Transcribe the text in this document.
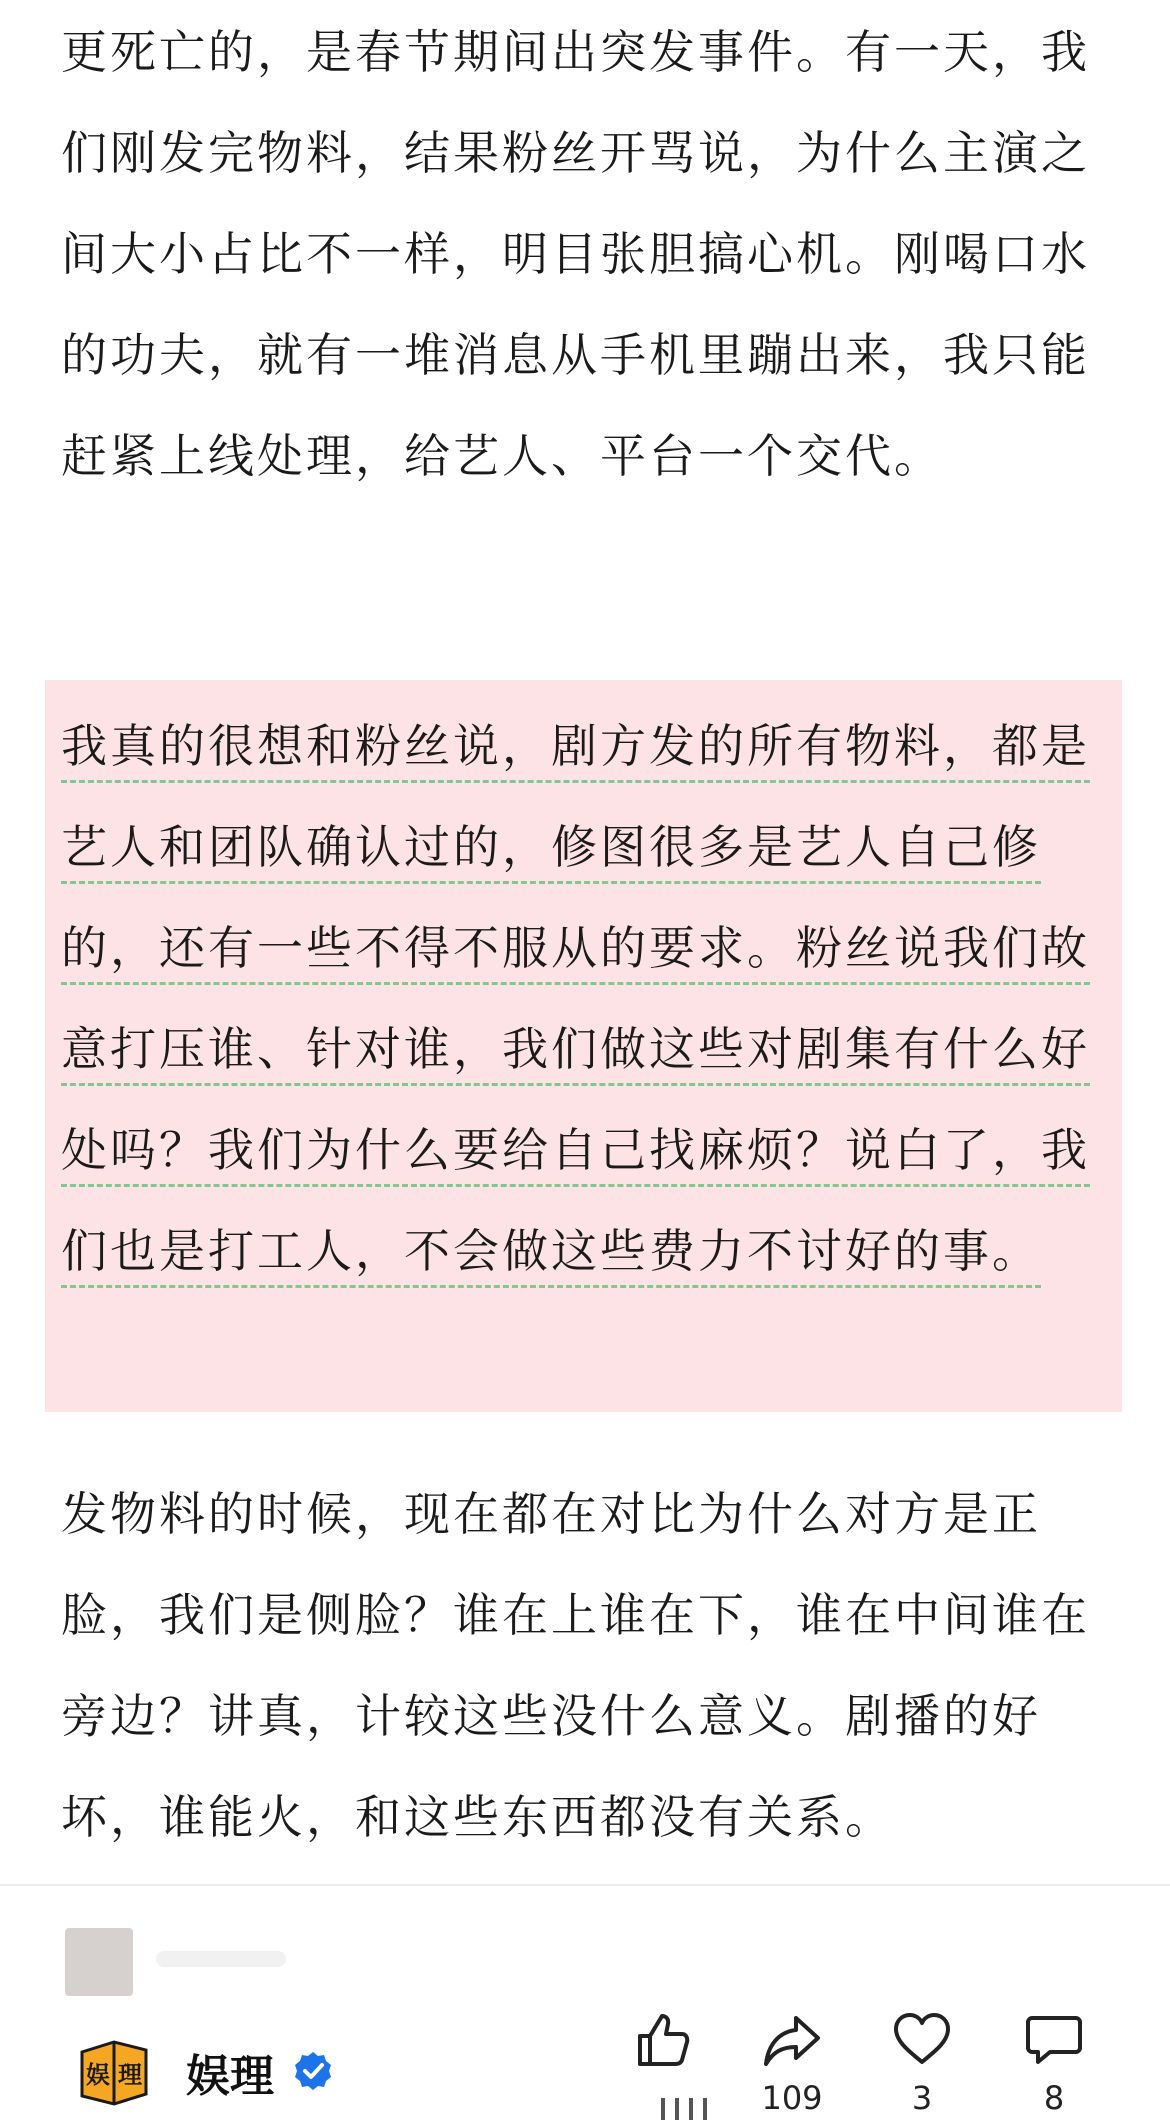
更死亡的，是春节期间出突发事件。有一天，我们刚发完物料，结果粉丝开骂说，为什么主演之间大小占比不一样，明目张胆搞心机。刚喝口水的功夫，就有一堆消息从手机里蹦出来，我只能赶紧上线处理，给艺人、平台一个交代。

我真的很想和粉丝说，剧方发的所有物料，都是艺人和团队确认过的，修图很多是艺人自己修的，还有一些不得不服从的要求。粉丝说我们故意打压谁、针对谁，我们做这些对剧集有什么好处吗？我们为什么要给自己找麻烦？说白了，我们也是打工人，不会做这些费力不讨好的事。

发物料的时候，现在都在对比为什么对方是正脸，我们是侧脸？谁在上谁在下，谁在中间谁在旁边？讲真，计较这些没什么意义。剧播的好坏，谁能火，和这些东西都没有关系。

娱 理 娱理	109	3	8
